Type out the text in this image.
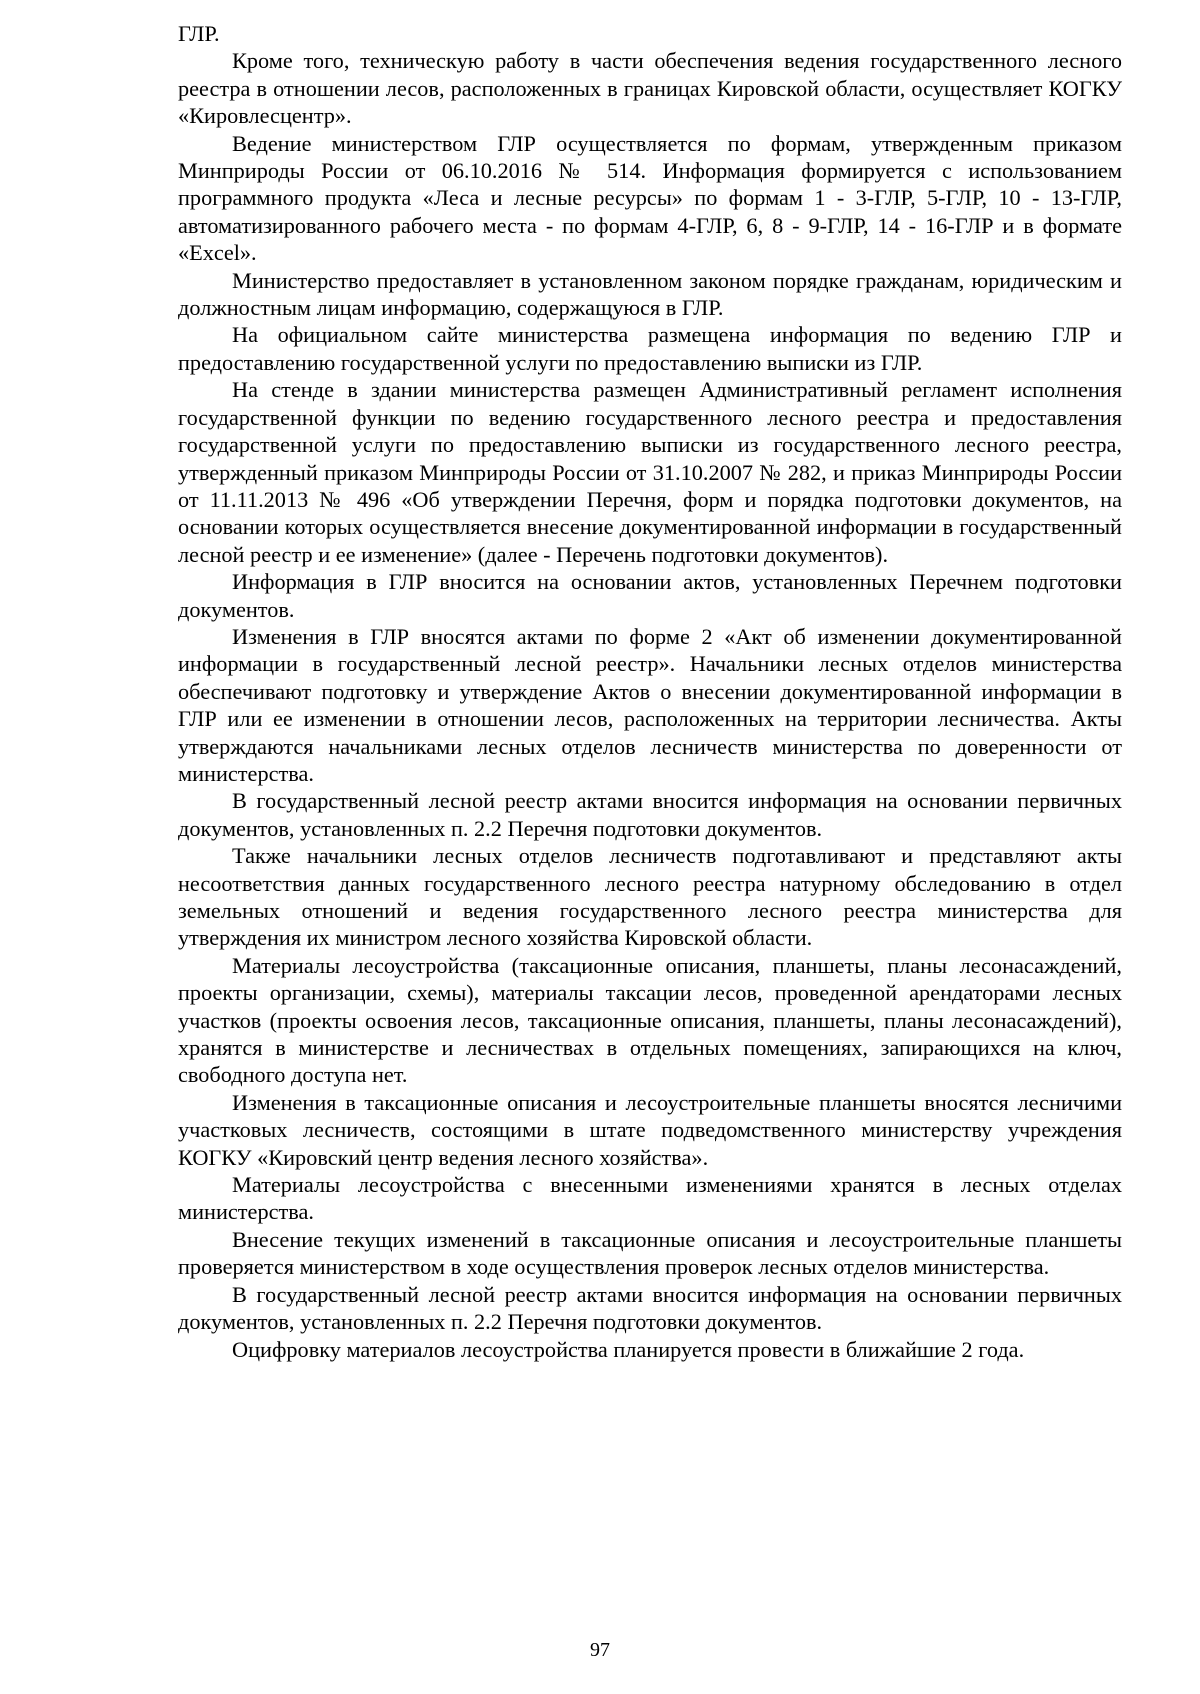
ГЛР.

Кроме того, техническую работу в части обеспечения ведения государственного лесного реестра в отношении лесов, расположенных в границах Кировской области, осуществляет КОГКУ «Кировлесцентр».

Ведение министерством ГЛР осуществляется по формам, утвержденным приказом Минприроды России от 06.10.2016 № 514. Информация формируется с использованием программного продукта «Леса и лесные ресурсы» по формам 1 - 3-ГЛР, 5-ГЛР, 10 - 13-ГЛР, автоматизированного рабочего места - по формам 4-ГЛР, 6, 8 - 9-ГЛР, 14 - 16-ГЛР и в формате «Excel».

Министерство предоставляет в установленном законом порядке гражданам, юридическим и должностным лицам информацию, содержащуюся в ГЛР.

На официальном сайте министерства размещена информация по ведению ГЛР и предоставлению государственной услуги по предоставлению выписки из ГЛР.

На стенде в здании министерства размещен Административный регламент исполнения государственной функции по ведению государственного лесного реестра и предоставления государственной услуги по предоставлению выписки из государственного лесного реестра, утвержденный приказом Минприроды России от 31.10.2007 № 282, и приказ Минприроды России от 11.11.2013 № 496 «Об утверждении Перечня, форм и порядка подготовки документов, на основании которых осуществляется внесение документированной информации в государственный лесной реестр и ее изменение» (далее - Перечень подготовки документов).

Информация в ГЛР вносится на основании актов, установленных Перечнем подготовки документов.

Изменения в ГЛР вносятся актами по форме 2 «Акт об изменении документированной информации в государственный лесной реестр». Начальники лесных отделов министерства обеспечивают подготовку и утверждение Актов о внесении документированной информации в ГЛР или ее изменении в отношении лесов, расположенных на территории лесничества. Акты утверждаются начальниками лесных отделов лесничеств министерства по доверенности от министерства.

В государственный лесной реестр актами вносится информация на основании первичных документов, установленных п. 2.2 Перечня подготовки документов.

Также начальники лесных отделов лесничеств подготавливают и представляют акты несоответствия данных государственного лесного реестра натурному обследованию в отдел земельных отношений и ведения государственного лесного реестра министерства для утверждения их министром лесного хозяйства Кировской области.

Материалы лесоустройства (таксационные описания, планшеты, планы лесонасаждений, проекты организации, схемы), материалы таксации лесов, проведенной арендаторами лесных участков (проекты освоения лесов, таксационные описания, планшеты, планы лесонасаждений), хранятся в министерстве и лесничествах в отдельных помещениях, запирающихся на ключ, свободного доступа нет.

Изменения в таксационные описания и лесоустроительные планшеты вносятся лесничими участковых лесничеств, состоящими в штате подведомственного министерству учреждения КОГКУ «Кировский центр ведения лесного хозяйства».

Материалы лесоустройства с внесенными изменениями хранятся в лесных отделах министерства.

Внесение текущих изменений в таксационные описания и лесоустроительные планшеты проверяется министерством в ходе осуществления проверок лесных отделов министерства.

В государственный лесной реестр актами вносится информация на основании первичных документов, установленных п. 2.2 Перечня подготовки документов.

Оцифровку материалов лесоустройства планируется провести в ближайшие 2 года.

97
